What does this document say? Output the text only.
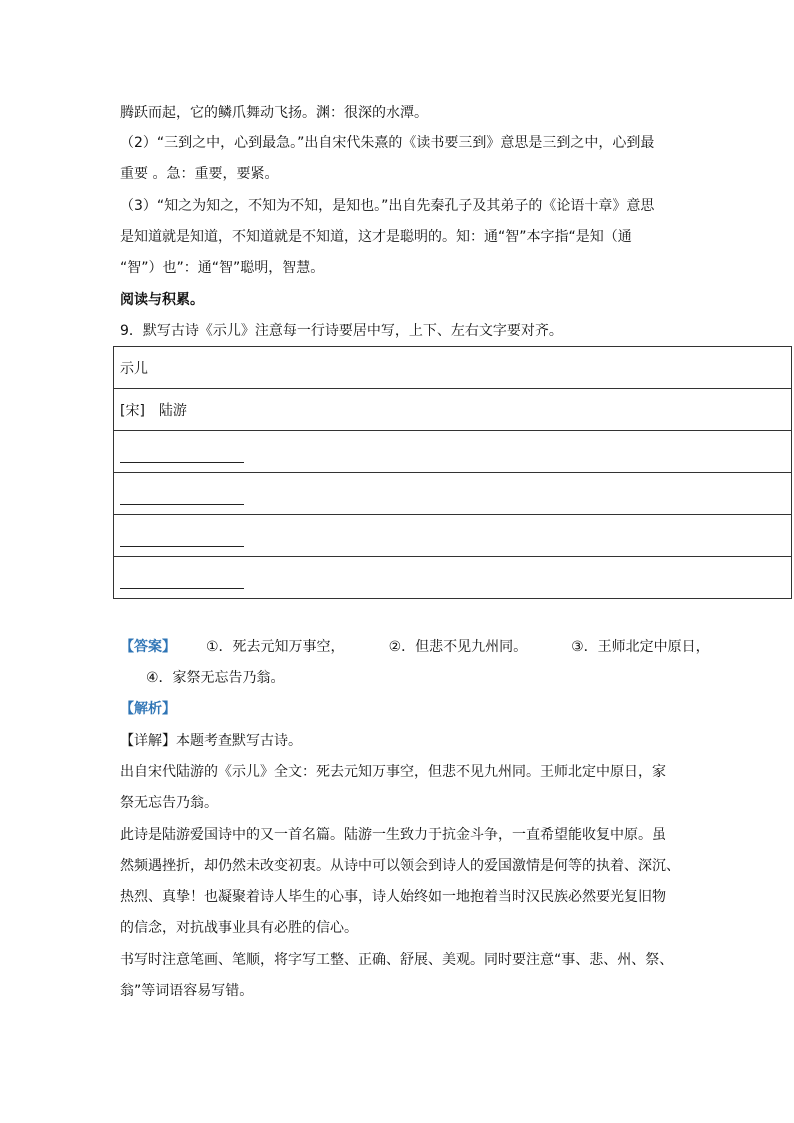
腾跃而起，它的鳞爪舞动飞扬。渊：很深的水潭。
（2）“三到之中，心到最急。”出自宋代朱熹的《读书要三到》意思是三到之中，心到最
重要 。急：重要，要紧。
（3）“知之为知之，不知为不知，是知也。”出自先秦孔子及其弟子的《论语十章》意思
是知道就是知道，不知道就是不知道，这才是聪明的。知：通“智”本字指“是知（通
“智”）也”：通“智”聪明，智慧。
阅读与积累。
9．默写古诗《示儿》注意每一行诗要居中写，上下、左右文字要对齐。
示儿
[宋]　陆游

【答案】 ①．死去元知万事空，	②．但悲不见九州同。	③．王师北定中原日，
④．家祭无忘告乃翁。
【解析】
【详解】本题考查默写古诗。
出自宋代陆游的《示儿》全文：死去元知万事空，但悲不见九州同。王师北定中原日，家
祭无忘告乃翁。
此诗是陆游爱国诗中的又一首名篇。陆游一生致力于抗金斗争，一直希望能收复中原。虽
然频遇挫折，却仍然未改变初衷。从诗中可以领会到诗人的爱国激情是何等的执着、深沉、
热烈、真挚！也凝聚着诗人毕生的心事，诗人始终如一地抱着当时汉民族必然要光复旧物
的信念，对抗战事业具有必胜的信心。
书写时注意笔画、笔顺，将字写工整、正确、舒展、美观。同时要注意“事、悲、州、祭、
翁”等词语容易写错。
